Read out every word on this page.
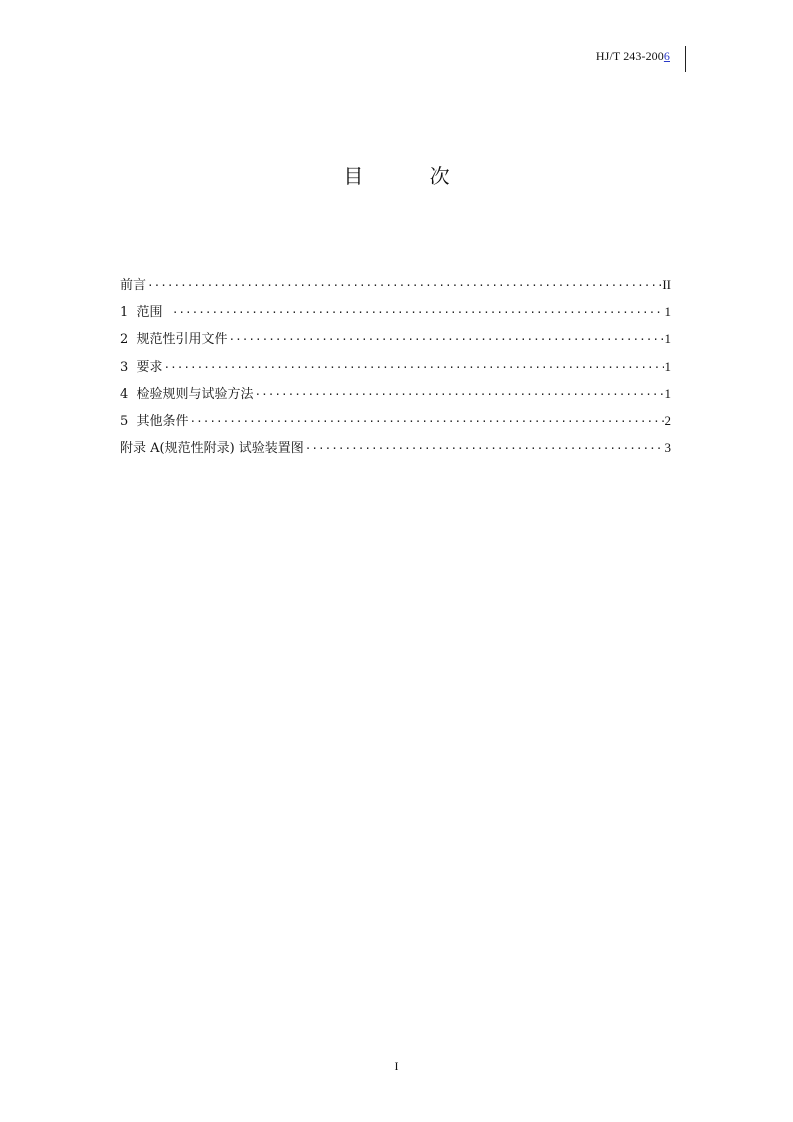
HJ/T 243-2006
目 次
前言 ·····	II
1  范围 ·····	1
2  规范性引用文件 ·····	1
3  要求 ·····	1
4  检验规则与试验方法 ·····	1
5  其他条件 ·····	2
附录 A(规范性附录) 试验装置图 ·····	3
I
